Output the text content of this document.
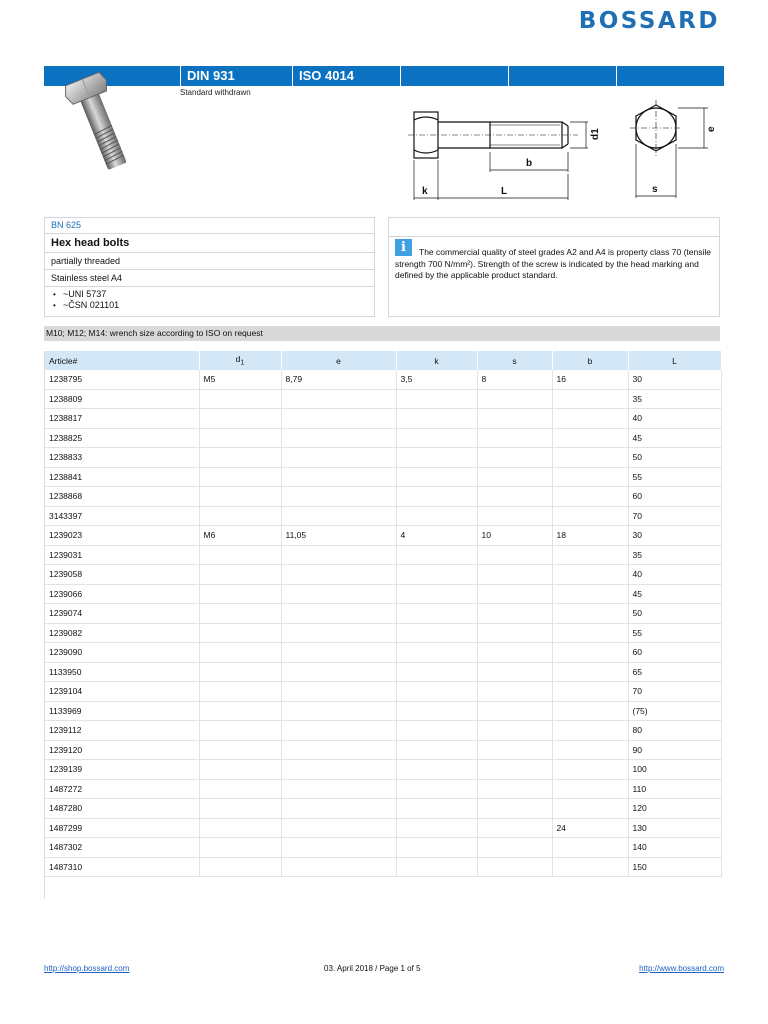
BOSSARD
DIN 931	ISO 4014
Standard withdrawn
b
L
k
d1	e
s
BN 625
Hex head bolts
partially threaded
Stainless steel A4
• ~UNI 5737
• ~ČSN 021101
i	The commercial quality of steel grades A2 and A4 is property class 70 (tensile strength 700 N/mm²). Strength of the screw is indicated by the head marking and defined by the applicable product standard.

M10; M12; M14: wrench size according to ISO on request
Article#	$d_1$	e	k	s	b	L
1238795	M5	8,79	3,5	8	16	30
1238809						35
1238817						40
1238825						45
1238833						50
1238841						55
1238868						60
3143397						70
1239023	M6	11,05	4	10	18	30
1239031						35
1239058						40
1239066						45
1239074						50
1239082						55
1239090						60
1133950						65
1239104						70
1133969						(75)
1239112						80
1239120						90
1239139						100
1487272						110
1487280						120
1487299					24	130
1487302						140
1487310						150
http://shop.bossard.com	03. April 2018 / Page 1 of 5	http://www.bossard.com
